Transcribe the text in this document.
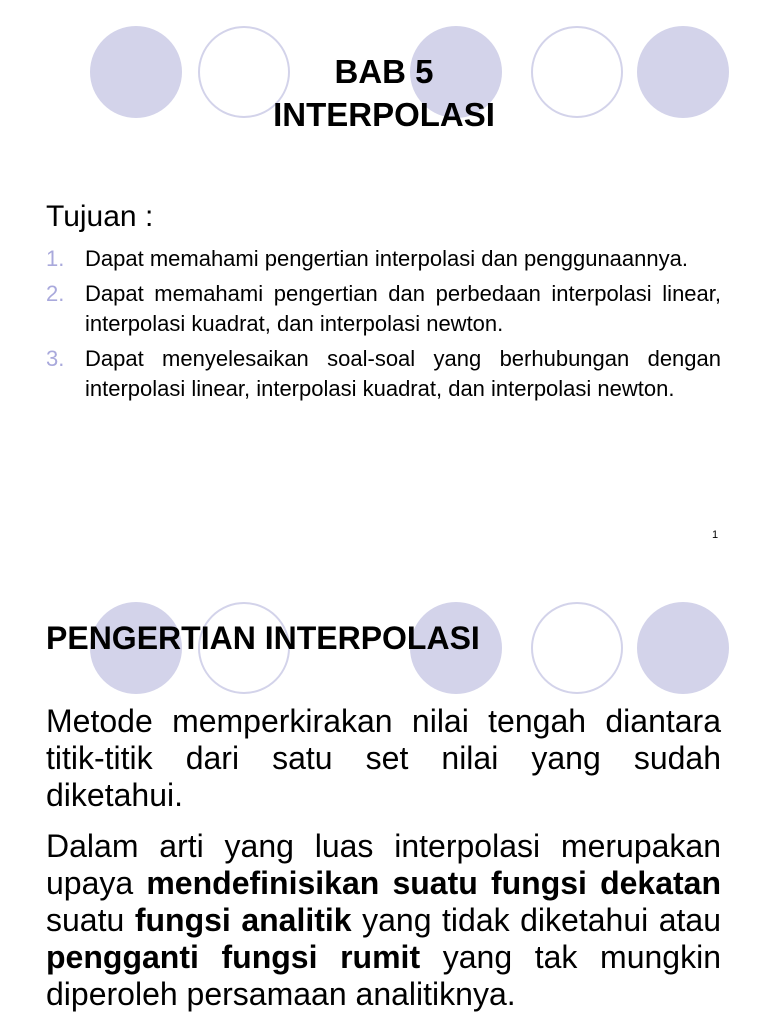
BAB 5
INTERPOLASI
Tujuan :
1. Dapat memahami pengertian interpolasi dan penggunaannya.
2. Dapat memahami pengertian dan perbedaan interpolasi linear, interpolasi kuadrat, dan interpolasi newton.
3. Dapat menyelesaikan soal-soal yang berhubungan dengan interpolasi linear, interpolasi kuadrat, dan interpolasi newton.
1
PENGERTIAN INTERPOLASI

Metode memperkirakan nilai tengah diantara titik-titik dari satu set nilai yang sudah diketahui.

Dalam arti yang luas interpolasi merupakan upaya mendefinisikan suatu fungsi dekatan suatu fungsi analitik yang tidak diketahui atau pengganti fungsi rumit yang tak mungkin diperoleh persamaan analitiknya.
